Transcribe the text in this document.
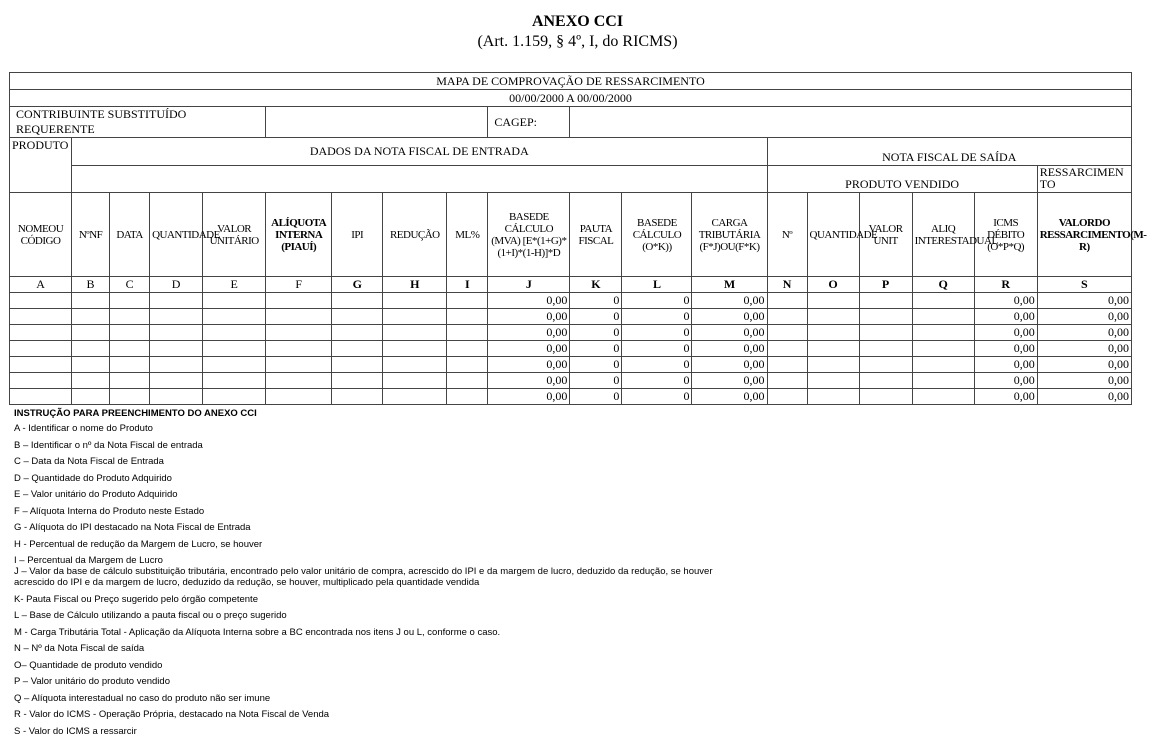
ANEXO CCI
(Art. 1.159, § 4º, I, do RICMS)
MAPA DE COMPROVAÇÃO DE RESSARCIMENTO																		
00/00/2000 A 00/00/2000																		
CONTRIBUINTE SUBSTITUÍDO REQUERENTE									CAGEP:									
PRODUTO	DADOS DA NOTA FISCAL DE ENTRADA												NOTA FISCAL DE SAÍDA					
													PRODUTO VENDIDO					RESSARCIMENTO
NOMEOU CÓDIGO	NºNF	DATA	QUANTIDADE	VALOR UNITÁRIO	ALÍQUOTA INTERNA (PIAUÍ)	IPI	REDUÇÃO	ML%	BASEDE CÁLCULO (MVA) [E*(1+G)*(1+I)*(1-H)]*D	PAUTA FISCAL	BASEDE CÁLCULO (O*K))	CARGA TRIBUTÁRIA (F*J)OU(F*K)	Nº	QUANTIDADE	VALOR UNIT	ALIQ INTERESTADUAL	ICMS DÉBITO (O*P*Q)	VALORDO RESSARCIMENTO(M-R)
A	B	C	D	E	F	G	H	I	J	K	L	M	N	O	P	Q	R	S
									0,00	0	0	0,00					0,00	0,00
									0,00	0	0	0,00					0,00	0,00
									0,00	0	0	0,00					0,00	0,00
									0,00	0	0	0,00					0,00	0,00
									0,00	0	0	0,00					0,00	0,00
									0,00	0	0	0,00					0,00	0,00
									0,00	0	0	0,00					0,00	0,00
INSTRUÇÃO PARA PREENCHIMENTO DO ANEXO CCI
A - Identificar o nome do Produto
B – Identificar o nº da Nota Fiscal de entrada
C – Data da Nota Fiscal de Entrada
D – Quantidade do Produto Adquirido
E – Valor unitário do Produto Adquirido
F – Alíquota Interna do Produto neste Estado
G - Alíquota do IPI destacado na Nota Fiscal de Entrada
H - Percentual de redução da Margem de Lucro, se houver
I – Percentual da Margem de Lucro
J – Valor da base de cálculo substituição tributária, encontrado pelo valor unitário de compra, acrescido do IPI e da margem de lucro, deduzido da redução, se houver acrescido do IPI e da margem de lucro, deduzido da redução, se houver, multiplicado pela quantidade vendida
K- Pauta Fiscal ou Preço sugerido pelo órgão competente
L – Base de Cálculo utilizando a pauta fiscal ou o preço sugerido
M - Carga Tributária Total - Aplicação da Alíquota Interna sobre a BC encontrada nos itens J ou L, conforme o caso.
N – Nº da Nota Fiscal de saída
O– Quantidade de produto vendido
P – Valor unitário do produto vendido
Q – Alíquota interestadual no caso do produto não ser imune
R - Valor do ICMS - Operação Própria, destacado na Nota Fiscal de Venda
S - Valor do ICMS a ressarcir
